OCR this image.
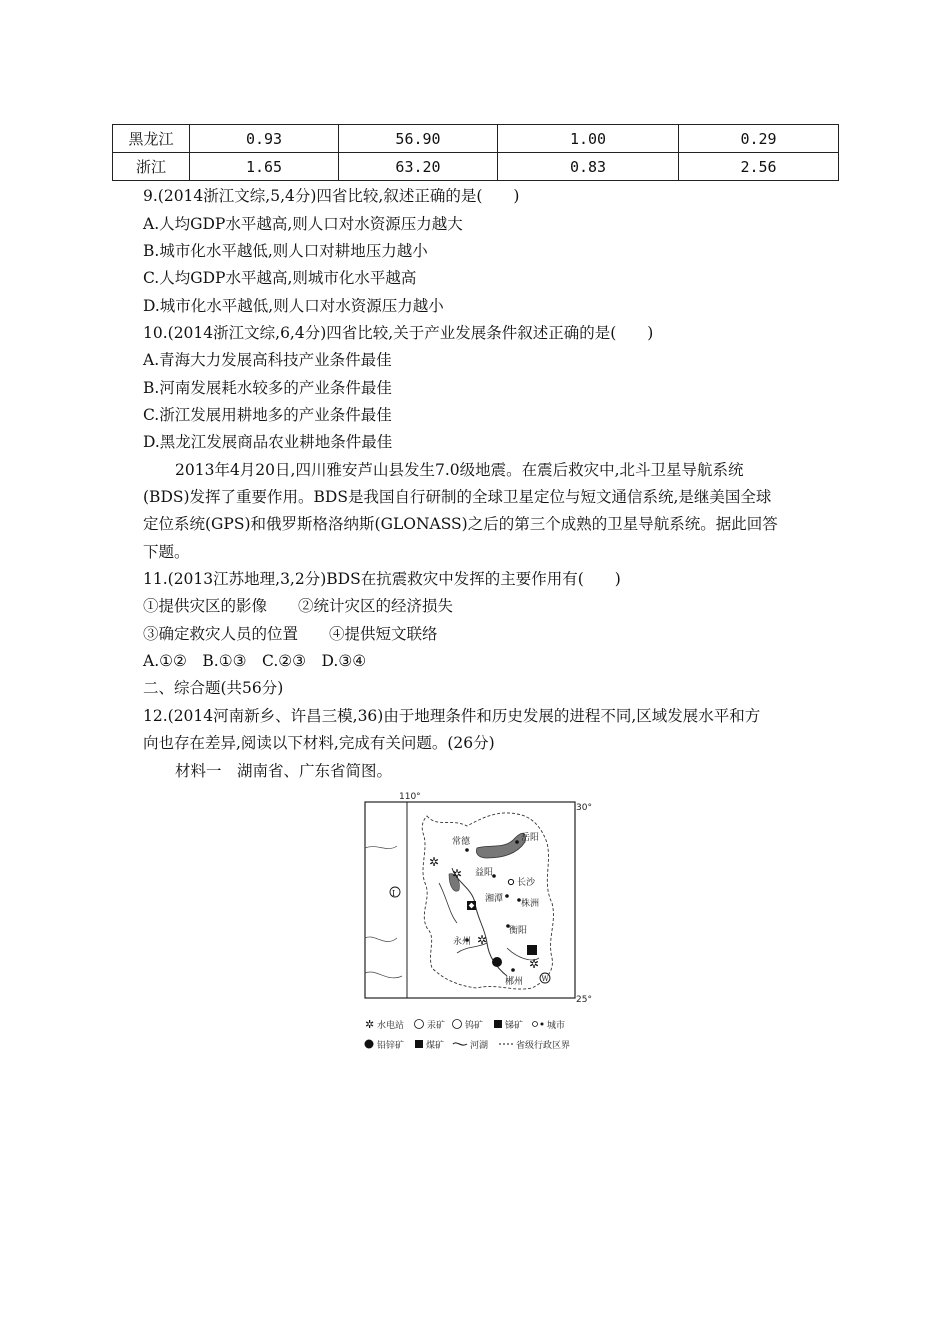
黑龙江	0.93	56.90	1.00	0.29
浙江	1.65	63.20	0.83	2.56
9.(2014浙江文综,5,4分)四省比较,叙述正确的是(　　)
A.人均GDP水平越高,则人口对水资源压力越大
B.城市化水平越低,则人口对耕地压力越小
C.人均GDP水平越高,则城市化水平越高
D.城市化水平越低,则人口对水资源压力越小
10.(2014浙江文综,6,4分)四省比较,关于产业发展条件叙述正确的是(　　)
A.青海大力发展高科技产业条件最佳
B.河南发展耗水较多的产业条件最佳
C.浙江发展用耕地多的产业条件最佳
D.黑龙江发展商品农业耕地条件最佳
2013年4月20日,四川雅安芦山县发生7.0级地震。在震后救灾中,北斗卫星导航系统
(BDS)发挥了重要作用。BDS是我国自行研制的全球卫星定位与短文通信系统,是继美国全球
定位系统(GPS)和俄罗斯格洛纳斯(GLONASS)之后的第三个成熟的卫星导航系统。据此回答
下题。
11.(2013江苏地理,3,2分)BDS在抗震救灾中发挥的主要作用有(　　)
①提供灾区的影像　　②统计灾区的经济损失
③确定救灾人员的位置　　④提供短文联络
A.①②　B.①③　C.②③　D.③④
二、综合题(共56分)
12.(2014河南新乡、许昌三模,36)由于地理条件和历史发展的进程不同,区域发展水平和方
向也存在差异,阅读以下材料,完成有关问题。(26分)
材料一　湖南省、广东省简图。
110°
30°
25°
常德	岳阳
益阳
长沙
湘潭 株洲
衡阳
永州
郴州
✲
✲
✲
✲
I
W
✲ 水电站	汞矿 钨矿 锑矿	城市
铅锌矿 煤矿	河湖	省级行政区界
